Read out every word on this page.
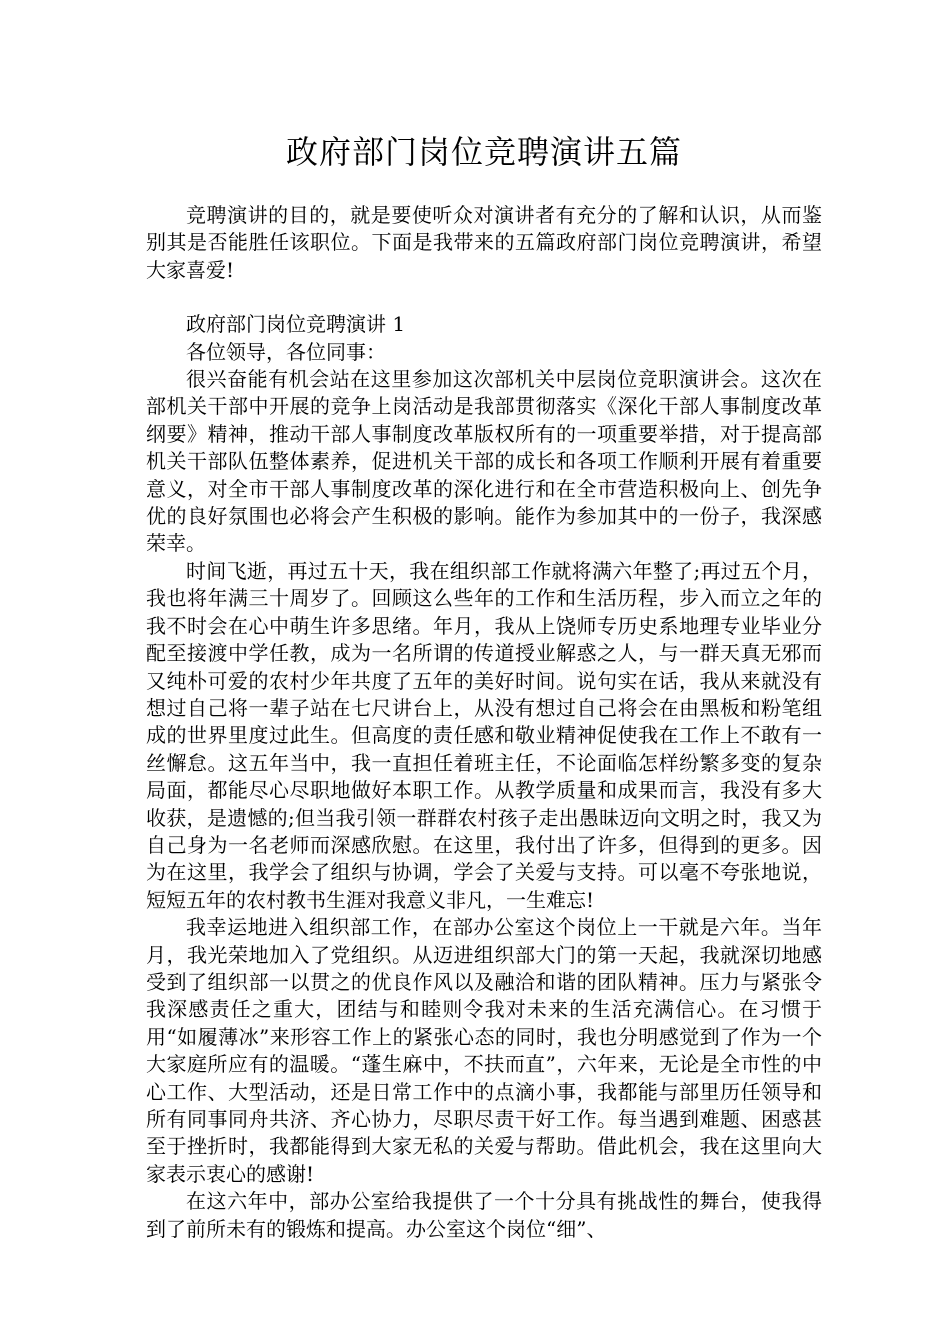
政府部门岗位竞聘演讲五篇

竞聘演讲的目的，就是要使听众对演讲者有充分的了解和认识，从而鉴别其是否能胜任该职位。下面是我带来的五篇政府部门岗位竞聘演讲，希望大家喜爱!

政府部门岗位竞聘演讲 1

各位领导，各位同事：

很兴奋能有机会站在这里参加这次部机关中层岗位竞职演讲会。这次在部机关干部中开展的竞争上岗活动是我部贯彻落实《深化干部人事制度改革纲要》精神，推动干部人事制度改革版权所有的一项重要举措，对于提高部机关干部队伍整体素养，促进机关干部的成长和各项工作顺利开展有着重要意义，对全市干部人事制度改革的深化进行和在全市营造积极向上、创先争优的良好氛围也必将会产生积极的影响。能作为参加其中的一份子，我深感荣幸。

时间飞逝，再过五十天，我在组织部工作就将满六年整了;再过五个月，我也将年满三十周岁了。回顾这么些年的工作和生活历程，步入而立之年的我不时会在心中萌生许多思绪。年月，我从上饶师专历史系地理专业毕业分配至接渡中学任教，成为一名所谓的传道授业解惑之人，与一群天真无邪而又纯朴可爱的农村少年共度了五年的美好时间。说句实在话，我从来就没有想过自己将一辈子站在七尺讲台上，从没有想过自己将会在由黑板和粉笔组成的世界里度过此生。但高度的责任感和敬业精神促使我在工作上不敢有一丝懈怠。这五年当中，我一直担任着班主任，不论面临怎样纷繁多变的复杂局面，都能尽心尽职地做好本职工作。从教学质量和成果而言，我没有多大收获，是遗憾的;但当我引领一群群农村孩子走出愚昧迈向文明之时，我又为自己身为一名老师而深感欣慰。在这里，我付出了许多，但得到的更多。因为在这里，我学会了组织与协调，学会了关爱与支持。可以毫不夸张地说，短短五年的农村教书生涯对我意义非凡，一生难忘!

我幸运地进入组织部工作，在部办公室这个岗位上一干就是六年。当年月，我光荣地加入了党组织。从迈进组织部大门的第一天起，我就深切地感受到了组织部一以贯之的优良作风以及融洽和谐的团队精神。压力与紧张令我深感责任之重大，团结与和睦则令我对未来的生活充满信心。在习惯于用“如履薄冰”来形容工作上的紧张心态的同时，我也分明感觉到了作为一个大家庭所应有的温暖。“蓬生麻中，不扶而直”，六年来，无论是全市性的中心工作、大型活动，还是日常工作中的点滴小事，我都能与部里历任领导和所有同事同舟共济、齐心协力，尽职尽责干好工作。每当遇到难题、困惑甚至于挫折时，我都能得到大家无私的关爱与帮助。借此机会，我在这里向大家表示衷心的感谢!

在这六年中，部办公室给我提供了一个十分具有挑战性的舞台，使我得到了前所未有的锻炼和提高。办公室这个岗位“细”、
